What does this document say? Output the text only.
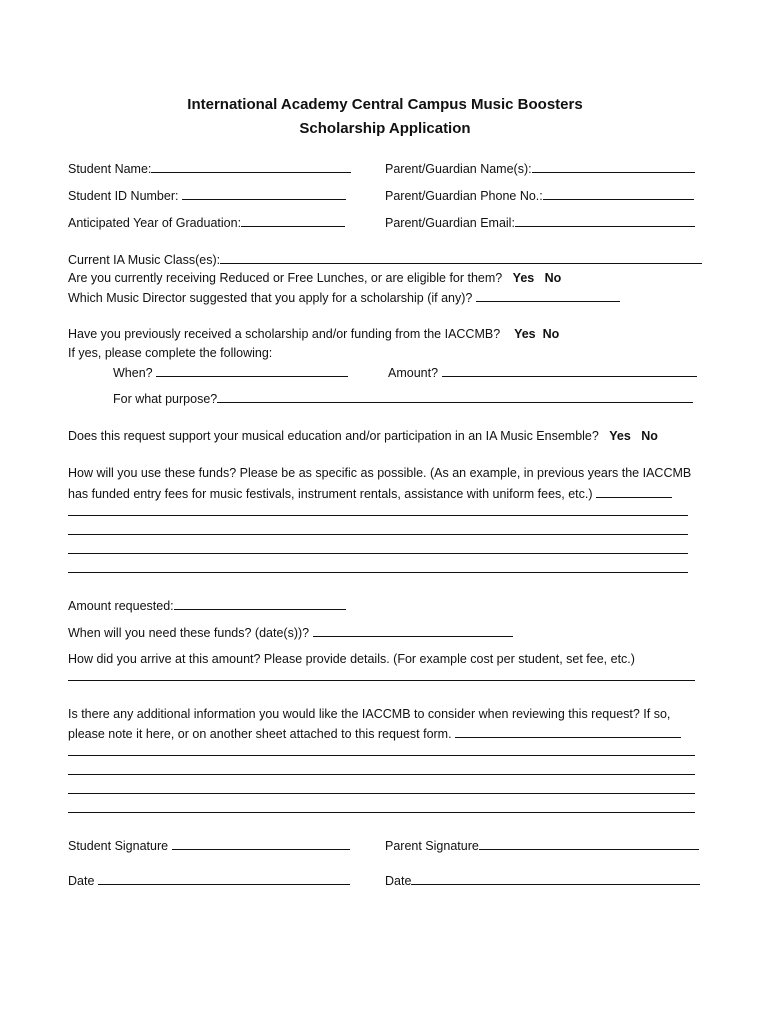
International Academy Central Campus Music Boosters
Scholarship Application
Student Name:	Parent/Guardian Name(s):
Student ID Number:	Parent/Guardian Phone No.:
Anticipated Year of Graduation:	Parent/Guardian Email:
Current IA Music Class(es):
Are you currently receiving Reduced or Free Lunches, or are eligible for them? Yes No
Which Music Director suggested that you apply for a scholarship (if any)?
Have you previously received a scholarship and/or funding from the IACCMB? Yes No
If yes, please complete the following:
When?	Amount?
For what purpose?
Does this request support your musical education and/or participation in an IA Music Ensemble? Yes No
How will you use these funds? Please be as specific as possible. (As an example, in previous years the IACCMB
has funded entry fees for music festivals, instrument rentals, assistance with uniform fees, etc.)
Amount requested:
When will you need these funds? (date(s))?
How did you arrive at this amount? Please provide details. (For example cost per student, set fee, etc.)
Is there any additional information you would like the IACCMB to consider when reviewing this request? If so,
please note it here, or on another sheet attached to this request form.
Student Signature	Parent Signature
Date	Date
